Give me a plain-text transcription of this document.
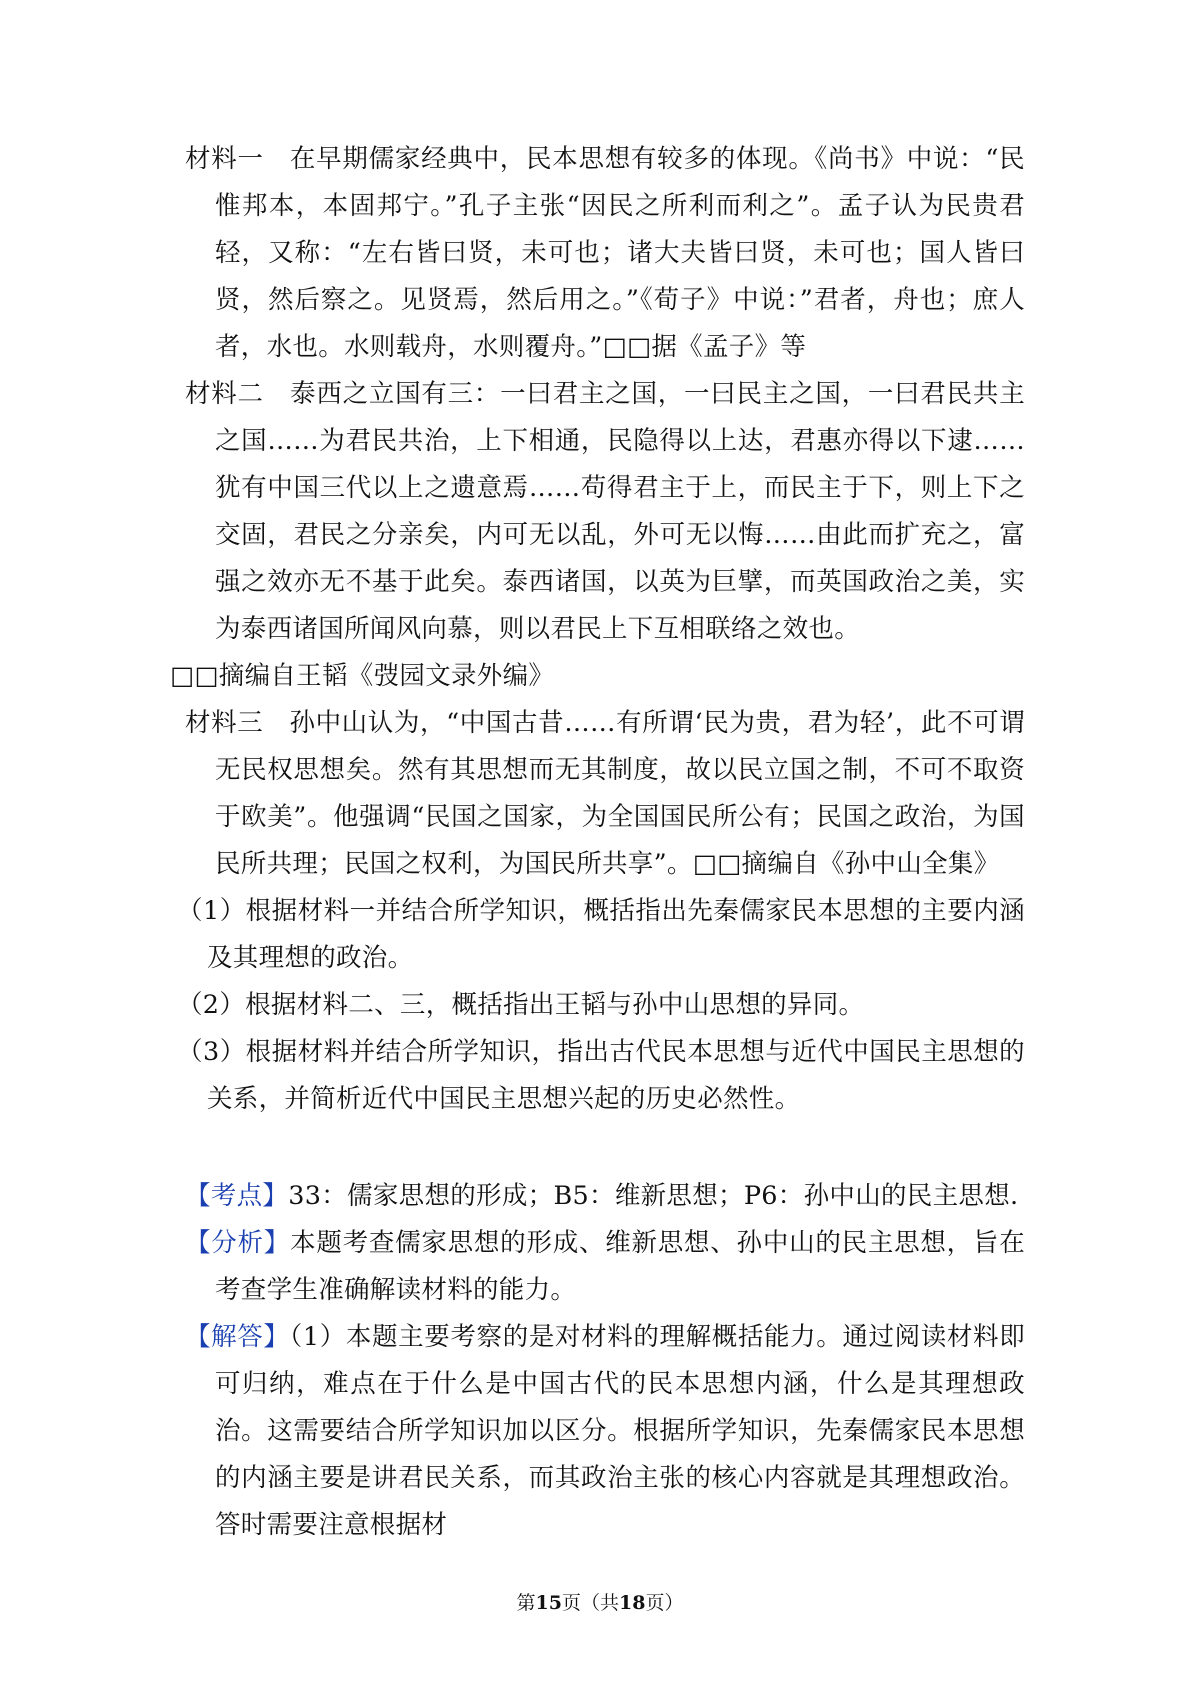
材料一　在早期儒家经典中，民本思想有较多的体现。《尚书》中说：“民惟邦本，本固邦宁。”孔子主张“因民之所利而利之”。孟子认为民贵君轻，又称：“左右皆曰贤，未可也；诸大夫皆曰贤，未可也；国人皆曰贤，然后察之。见贤焉，然后用之。”《荀子》中说：”君者，舟也；庶人者，水也。水则载舟，水则覆舟。”□□据《孟子》等

材料二　泰西之立国有三：一曰君主之国，一曰民主之国，一曰君民共主之国……为君民共治，上下相通，民隐得以上达，君惠亦得以下逮……犹有中国三代以上之遗意焉……苟得君主于上，而民主于下，则上下之交固，君民之分亲矣，内可无以乱，外可无以悔……由此而扩充之，富强之效亦无不基于此矣。泰西诸国，以英为巨擘，而英国政治之美，实为泰西诸国所闻风向慕，则以君民上下互相联络之效也。

□□摘编自王韬《弢园文录外编》

材料三　孙中山认为，“中国古昔……有所谓‘民为贵，君为轻’，此不可谓无民权思想矣。然有其思想而无其制度，故以民立国之制，不可不取资于欧美”。他强调“民国之国家，为全国国民所公有；民国之政治，为国民所共理；民国之权利，为国民所共享”。□□摘编自《孙中山全集》

（1）根据材料一并结合所学知识，概括指出先秦儒家民本思想的主要内涵及其理想的政治。

（2）根据材料二、三，概括指出王韬与孙中山思想的异同。

（3）根据材料并结合所学知识，指出古代民本思想与近代中国民主思想的关系，并简析近代中国民主思想兴起的历史必然性。

【考点】33：儒家思想的形成；B5：维新思想；P6：孙中山的民主思想.

【分析】本题考查儒家思想的形成、维新思想、孙中山的民主思想，旨在考查学生准确解读材料的能力。

【解答】（1）本题主要考察的是对材料的理解概括能力。通过阅读材料即可归纳，难点在于什么是中国古代的民本思想内涵，什么是其理想政治。这需要结合所学知识加以区分。根据所学知识，先秦儒家民本思想的内涵主要是讲君民关系，而其政治主张的核心内容就是其理想政治。答时需要注意根据材

第15页（共18页）
